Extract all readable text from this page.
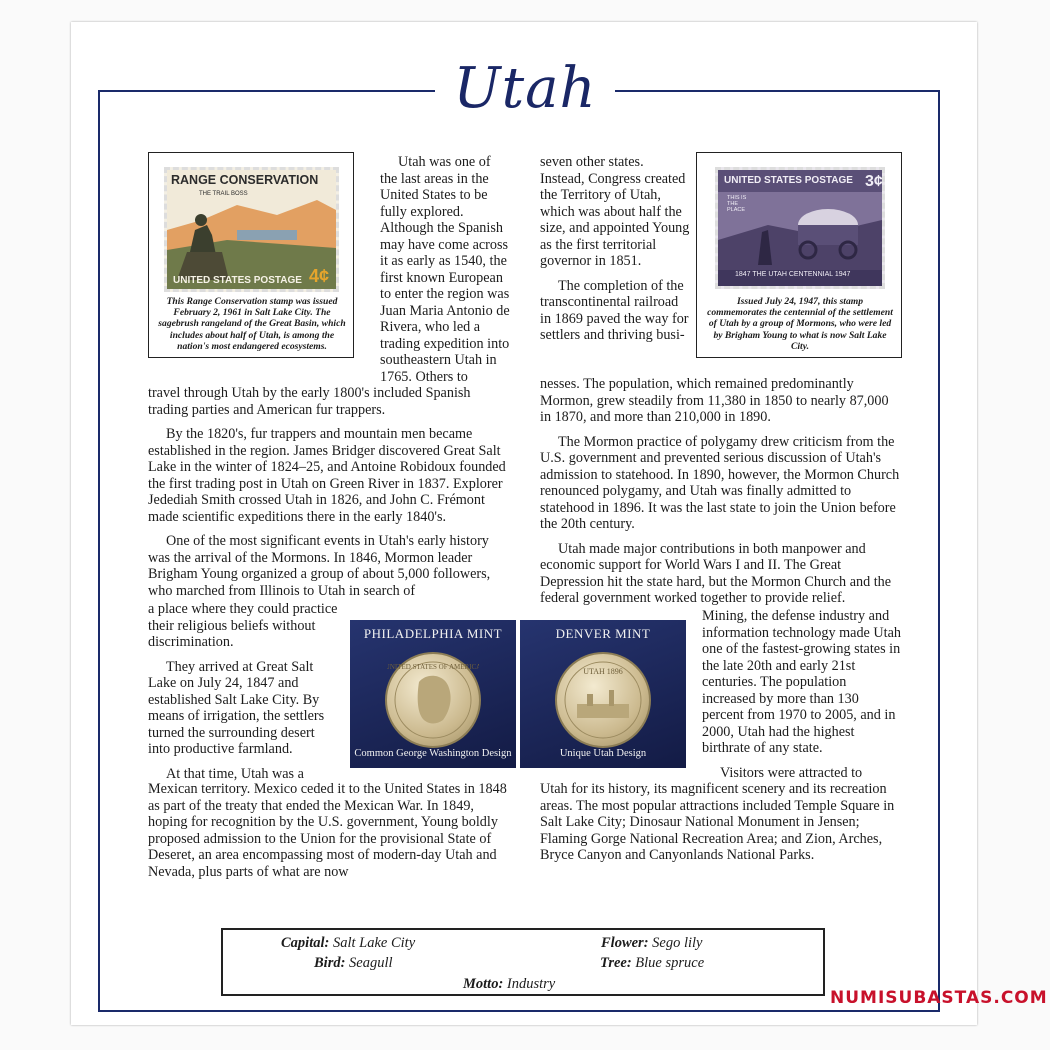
Utah
RANGE CONSERVATION
THE TRAIL BOSS
UNITED STATES POSTAGE 4¢
This Range Conservation stamp was issued February 2, 1961 in Salt Lake City. The sagebrush rangeland of the Great Basin, which includes about half of Utah, is among the nation's most endangered ecosystems.
UNITED STATES POSTAGE 3¢
THIS IS THE PLACE
1847 THE UTAH CENTENNIAL 1947
Issued July 24, 1947, this stamp commemorates the centennial of the settlement of Utah by a group of Mormons, who were led by Brigham Young to what is now Salt Lake City.

Utah was one of the last areas in the United States to be fully explored. Although the Spanish may have come across it as early as 1540, the first known European to enter the region was Juan Maria Antonio de Rivera, who led a trading expedition into southeastern Utah in 1765. Others to

travel through Utah by the early 1800's included Spanish trading parties and American fur trappers.

By the 1820's, fur trappers and mountain men became established in the region. James Bridger discovered Great Salt Lake in the winter of 1824–25, and Antoine Robidoux founded the first trading post in Utah on Green River in 1837. Explorer Jedediah Smith crossed Utah in 1826, and John C. Frémont made scientific expeditions there in the early 1840's.

One of the most significant events in Utah's early history was the arrival of the Mormons. In 1846, Mormon leader Brigham Young organized a group of about 5,000 followers, who marched from Illinois to Utah in search of

a place where they could practice their religious beliefs without discrimination.

They arrived at Great Salt Lake on July 24, 1847 and established Salt Lake City. By means of irrigation, the settlers turned the surrounding desert into productive farmland.

At that time, Utah was a

Mexican territory. Mexico ceded it to the United States in 1848 as part of the treaty that ended the Mexican War. In 1849, hoping for recognition by the U.S. government, Young boldly proposed admission to the Union for the provisional State of Deseret, an area encompassing most of modern-day Utah and Nevada, plus parts of what are now

seven other states. Instead, Congress created the Territory of Utah, which was about half the size, and appointed Young as the first territorial governor in 1851.

The completion of the transcontinental railroad in 1869 paved the way for settlers and thriving busi-

nesses. The population, which remained predominantly Mormon, grew steadily from 11,380 in 1850 to nearly 87,000 in 1870, and more than 210,000 in 1890.

The Mormon practice of polygamy drew criticism from the U.S. government and prevented serious discussion of Utah's admission to statehood. In 1890, however, the Mormon Church renounced polygamy, and Utah was finally admitted to statehood in 1896. It was the last state to join the Union before the 20th century.

Utah made major contributions in both manpower and economic support for World Wars I and II. The Great Depression hit the state hard, but the Mormon Church and the federal government worked together to provide relief.

Mining, the defense industry and information technology made Utah one of the fastest-growing states in the late 20th and early 21st centuries. The population increased by more than 130 percent from 1970 to 2005, and in 2000, Utah had the highest birthrate of any state.

Visitors were attracted to

Utah for its history, its magnificent scenery and its recreation areas. The most popular attractions included Temple Square in Salt Lake City; Dinosaur National Monument in Jensen; Flaming Gorge National Recreation Area; and Zion, Arches, Bryce Canyon and Canyonlands National Parks.

PHILADELPHIA MINT
UNITED STATES OF AMERICA
Common George Washington Design
DENVER MINT
UTAH 1896
Unique Utah Design
Capital: Salt Lake City	Flower: Sego lily
Bird: Seagull	Tree: Blue spruce
Motto: Industry
NUMISUBASTAS.COM
